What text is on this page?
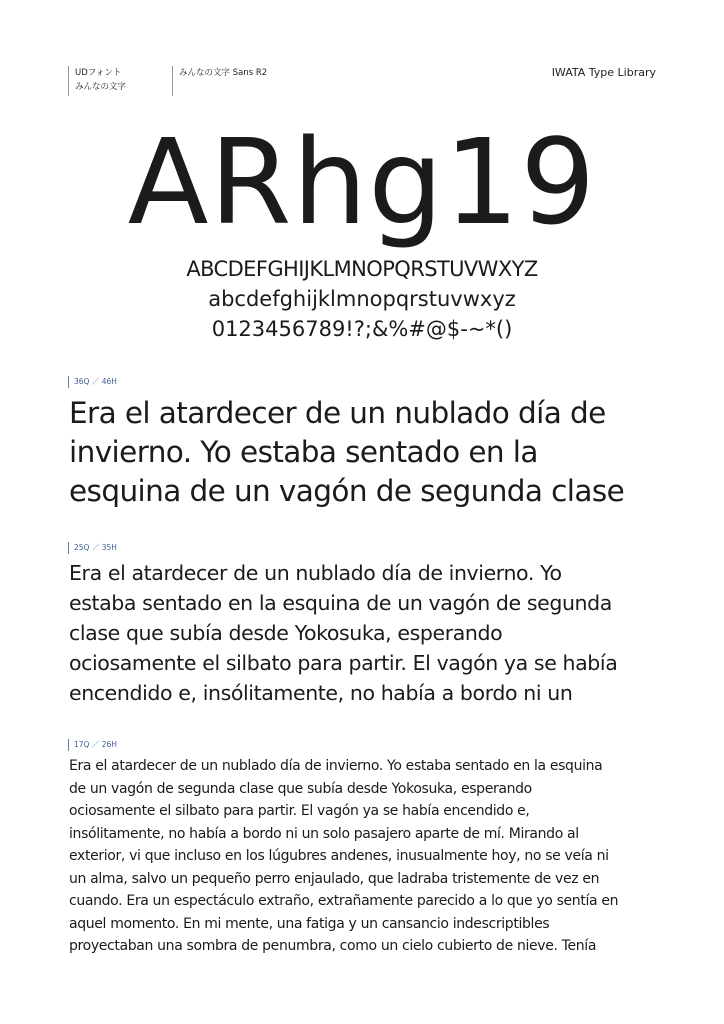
UDフォント
みんなの文字
みんなの文字 Sans R2	IWATA Type Library
ARhg19
ABCDEFGHIJKLMNOPQRSTUVWXYZ
abcdefghijklmnopqrstuvwxyz
0123456789!?;&%#@$-~*()
36Q ／ 46H

Era el atardecer de un nublado día de
invierno. Yo estaba sentado en la
esquina de un vagón de segunda clase

25Q ／ 35H

Era el atardecer de un nublado día de invierno. Yo
estaba sentado en la esquina de un vagón de segunda
clase que subía desde Yokosuka, esperando
ociosamente el silbato para partir. El vagón ya se había
encendido e, insólitamente, no había a bordo ni un

17Q ／ 26H

Era el atardecer de un nublado día de invierno. Yo estaba sentado en la esquina
de un vagón de segunda clase que subía desde Yokosuka, esperando
ociosamente el silbato para partir. El vagón ya se había encendido e,
insólitamente, no había a bordo ni un solo pasajero aparte de mí. Mirando al
exterior, vi que incluso en los lúgubres andenes, inusualmente hoy, no se veía ni
un alma, salvo un pequeño perro enjaulado, que ladraba tristemente de vez en
cuando. Era un espectáculo extraño, extrañamente parecido a lo que yo sentía en
aquel momento. En mi mente, una fatiga y un cansancio indescriptibles
proyectaban una sombra de penumbra, como un cielo cubierto de nieve. Tenía
